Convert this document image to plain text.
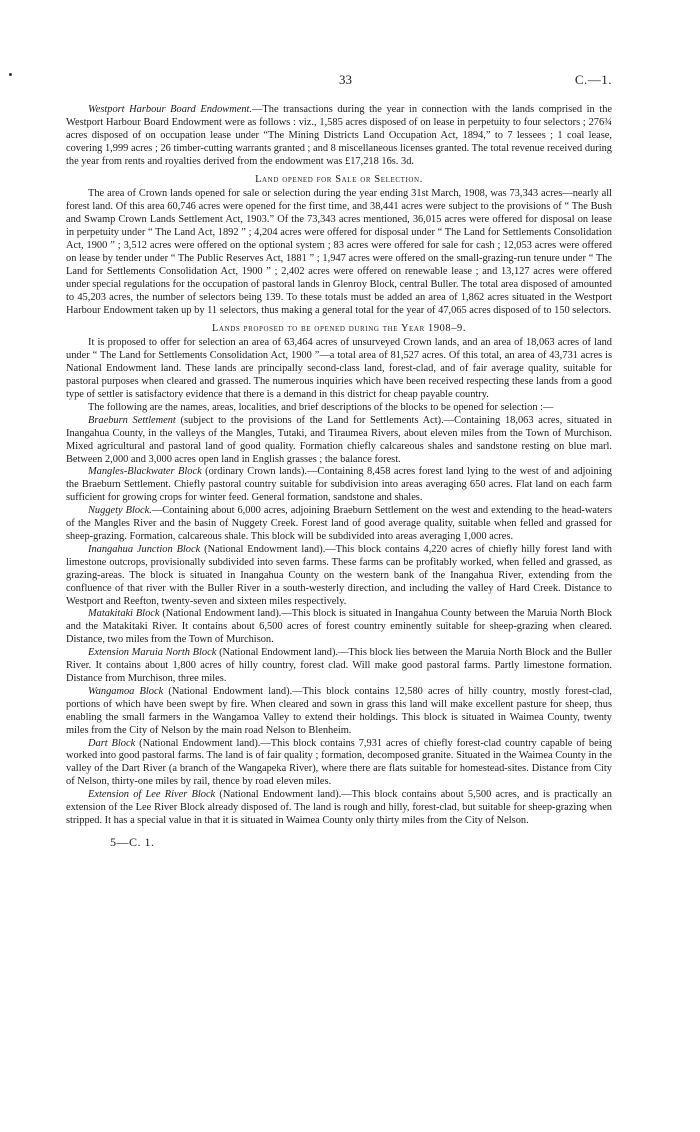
33	C.—1.

Westport Harbour Board Endowment.—The transactions during the year in connection with the lands comprised in the Westport Harbour Board Endowment were as follows : viz., 1,585 acres disposed of on lease in perpetuity to four selectors ; 276¾ acres disposed of on occupation lease under “The Mining Districts Land Occupation Act, 1894,” to 7 lessees ; 1 coal lease, covering 1,999 acres ; 26 timber-cutting warrants granted ; and 8 miscellaneous licenses granted. The total revenue received during the year from rents and royalties derived from the endowment was £17,218 16s. 3d.

Land opened for Sale or Selection.

The area of Crown lands opened for sale or selection during the year ending 31st March, 1908, was 73,343 acres—nearly all forest land. Of this area 60,746 acres were opened for the first time, and 38,441 acres were subject to the provisions of “ The Bush and Swamp Crown Lands Settlement Act, 1903.” Of the 73,343 acres mentioned, 36,015 acres were offered for disposal on lease in perpetuity under “ The Land Act, 1892 ” ; 4,204 acres were offered for disposal under “ The Land for Settlements Consolidation Act, 1900 ” ; 3,512 acres were offered on the optional system ; 83 acres were offered for sale for cash ; 12,053 acres were offered on lease by tender under “ The Public Reserves Act, 1881 ” ; 1,947 acres were offered on the small-grazing-run tenure under “ The Land for Settlements Consolidation Act, 1900 ” ; 2,402 acres were offered on renewable lease ; and 13,127 acres were offered under special regulations for the occupation of pastoral lands in Glenroy Block, central Buller. The total area disposed of amounted to 45,203 acres, the number of selectors being 139. To these totals must be added an area of 1,862 acres situated in the Westport Harbour Endowment taken up by 11 selectors, thus making a general total for the year of 47,065 acres disposed of to 150 selectors.

Lands proposed to be opened during the Year 1908–9.

It is proposed to offer for selection an area of 63,464 acres of unsurveyed Crown lands, and an area of 18,063 acres of land under “ The Land for Settlements Consolidation Act, 1900 ”—a total area of 81,527 acres. Of this total, an area of 43,731 acres is National Endowment land. These lands are principally second-class land, forest-clad, and of fair average quality, suitable for pastoral purposes when cleared and grassed. The numerous inquiries which have been received respecting these lands from a good type of settler is satisfactory evidence that there is a demand in this district for cheap payable country.

The following are the names, areas, localities, and brief descriptions of the blocks to be opened for selection :—

Braeburn Settlement (subject to the provisions of the Land for Settlements Act).—Containing 18,063 acres, situated in Inangahua County, in the valleys of the Mangles, Tutaki, and Tiraumea Rivers, about eleven miles from the Town of Murchison. Mixed agricultural and pastoral land of good quality. Formation chiefly calcareous shales and sandstone resting on blue marl. Between 2,000 and 3,000 acres open land in English grasses ; the balance forest.

Mangles-Blackwater Block (ordinary Crown lands).—Containing 8,458 acres forest land lying to the west of and adjoining the Braeburn Settlement. Chiefly pastoral country suitable for subdivision into areas averaging 650 acres. Flat land on each farm sufficient for growing crops for winter feed. General formation, sandstone and shales.

Nuggety Block.—Containing about 6,000 acres, adjoining Braeburn Settlement on the west and extending to the head-waters of the Mangles River and the basin of Nuggety Creek. Forest land of good average quality, suitable when felled and grassed for sheep-grazing. Formation, calcareous shale. This block will be subdivided into areas averaging 1,000 acres.

Inangahua Junction Block (National Endowment land).—This block contains 4,220 acres of chiefly hilly forest land with limestone outcrops, provisionally subdivided into seven farms. These farms can be profitably worked, when felled and grassed, as grazing-areas. The block is situated in Inangahua County on the western bank of the Inangahua River, extending from the confluence of that river with the Buller River in a south-westerly direction, and including the valley of Hard Creek. Distance to Westport and Reefton, twenty-seven and sixteen miles respectively.

Matakitaki Block (National Endowment land).—This block is situated in Inangahua County between the Maruia North Block and the Matakitaki River. It contains about 6,500 acres of forest country eminently suitable for sheep-grazing when cleared. Distance, two miles from the Town of Murchison.

Extension Maruia North Block (National Endowment land).—This block lies between the Maruia North Block and the Buller River. It contains about 1,800 acres of hilly country, forest clad. Will make good pastoral farms. Partly limestone formation. Distance from Murchison, three miles.

Wangamoa Block (National Endowment land).—This block contains 12,580 acres of hilly country, mostly forest-clad, portions of which have been swept by fire. When cleared and sown in grass this land will make excellent pasture for sheep, thus enabling the small farmers in the Wangamoa Valley to extend their holdings. This block is situated in Waimea County, twenty miles from the City of Nelson by the main road Nelson to Blenheim.

Dart Block (National Endowment land).—This block contains 7,931 acres of chiefly forest-clad country capable of being worked into good pastoral farms. The land is of fair quality ; formation, decomposed granite. Situated in the Waimea County in the valley of the Dart River (a branch of the Wangapeka River), where there are flats suitable for homestead-sites. Distance from City of Nelson, thirty-one miles by rail, thence by road eleven miles.

Extension of Lee River Block (National Endowment land).—This block contains about 5,500 acres, and is practically an extension of the Lee River Block already disposed of. The land is rough and hilly, forest-clad, but suitable for sheep-grazing when stripped. It has a special value in that it is situated in Waimea County only thirty miles from the City of Nelson.

5—C. 1.
